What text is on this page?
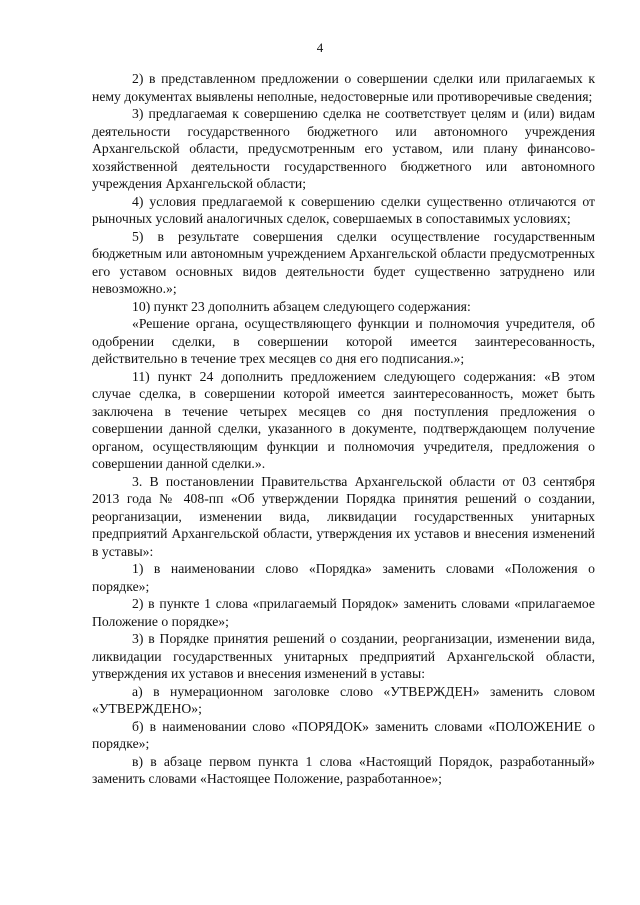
4

2) в представленном предложении о совершении сделки или прилагаемых к нему документах выявлены неполные, недостоверные или противоречивые сведения;

3) предлагаемая к совершению сделка не соответствует целям и (или) видам деятельности государственного бюджетного или автономного учреждения Архангельской области, предусмотренным его уставом, или плану финансово-хозяйственной деятельности государственного бюджетного или автономного учреждения Архангельской области;

4) условия предлагаемой к совершению сделки существенно отличаются от рыночных условий аналогичных сделок, совершаемых в сопоставимых условиях;

5) в результате совершения сделки осуществление государственным бюджетным или автономным учреждением Архангельской области предусмотренных его уставом основных видов деятельности будет существенно затруднено или невозможно.»;

10) пункт 23 дополнить абзацем следующего содержания:

«Решение органа, осуществляющего функции и полномочия учредителя, об одобрении сделки, в совершении которой имеется заинтересованность, действительно в течение трех месяцев со дня его подписания.»;

11) пункт 24 дополнить предложением следующего содержания: «В этом случае сделка, в совершении которой имеется заинтересованность, может быть заключена в течение четырех месяцев со дня поступления предложения о совершении данной сделки, указанного в документе, подтверждающем получение органом, осуществляющим функции и полномочия учредителя, предложения о совершении данной сделки.».

3. В постановлении Правительства Архангельской области от 03 сентября 2013 года № 408-пп «Об утверждении Порядка принятия решений о создании, реорганизации, изменении вида, ликвидации государственных унитарных предприятий Архангельской области, утверждения их уставов и внесения изменений в уставы»:

1) в наименовании слово «Порядка» заменить словами «Положения о порядке»;

2) в пункте 1 слова «прилагаемый Порядок» заменить словами «прилагаемое Положение о порядке»;

3) в Порядке принятия решений о создании, реорганизации, изменении вида, ликвидации государственных унитарных предприятий Архангельской области, утверждения их уставов и внесения изменений в уставы:

а) в нумерационном заголовке слово «УТВЕРЖДЕН» заменить словом «УТВЕРЖДЕНО»;

б) в наименовании слово «ПОРЯДОК» заменить словами «ПОЛОЖЕНИЕ о порядке»;

в) в абзаце первом пункта 1 слова «Настоящий Порядок, разработанный» заменить словами «Настоящее Положение, разработанное»;
